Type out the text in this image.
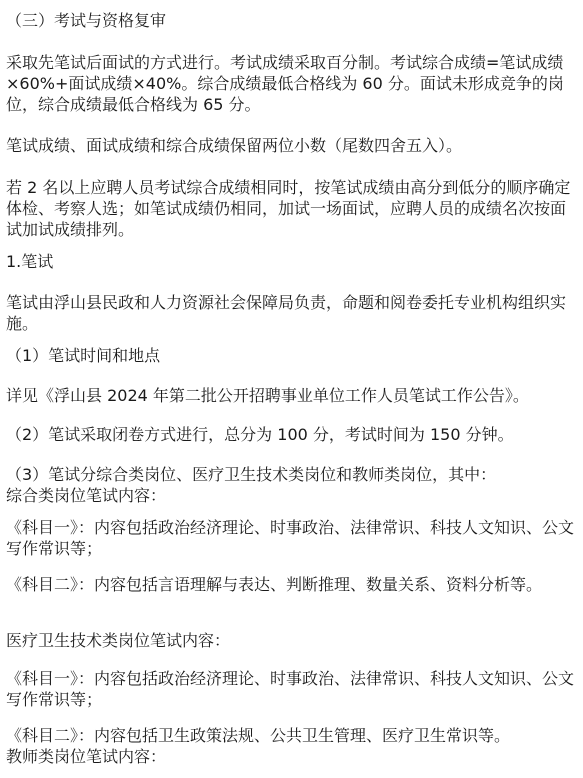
（三）考试与资格复审

采取先笔试后面试的方式进行。考试成绩采取百分制。考试综合成绩=笔试成绩×60%+面试成绩×40%。综合成绩最低合格线为 60 分。面试未形成竞争的岗位，综合成绩最低合格线为 65 分。

笔试成绩、面试成绩和综合成绩保留两位小数（尾数四舍五入）。

若 2 名以上应聘人员考试综合成绩相同时，按笔试成绩由高分到低分的顺序确定体检、考察人选；如笔试成绩仍相同，加试一场面试，应聘人员的成绩名次按面试加试成绩排列。

1.笔试

笔试由浮山县民政和人力资源社会保障局负责，命题和阅卷委托专业机构组织实施。

（1）笔试时间和地点

详见《浮山县 2024 年第二批公开招聘事业单位工作人员笔试工作公告》。

（2）笔试采取闭卷方式进行，总分为 100 分，考试时间为 150 分钟。

（3）笔试分综合类岗位、医疗卫生技术类岗位和教师类岗位，其中：

综合类岗位笔试内容：

《科目一》：内容包括政治经济理论、时事政治、法律常识、科技人文知识、公文写作常识等；

《科目二》：内容包括言语理解与表达、判断推理、数量关系、资料分析等。

医疗卫生技术类岗位笔试内容：

《科目一》：内容包括政治经济理论、时事政治、法律常识、科技人文知识、公文写作常识等；

《科目二》：内容包括卫生政策法规、公共卫生管理、医疗卫生常识等。

教师类岗位笔试内容：
